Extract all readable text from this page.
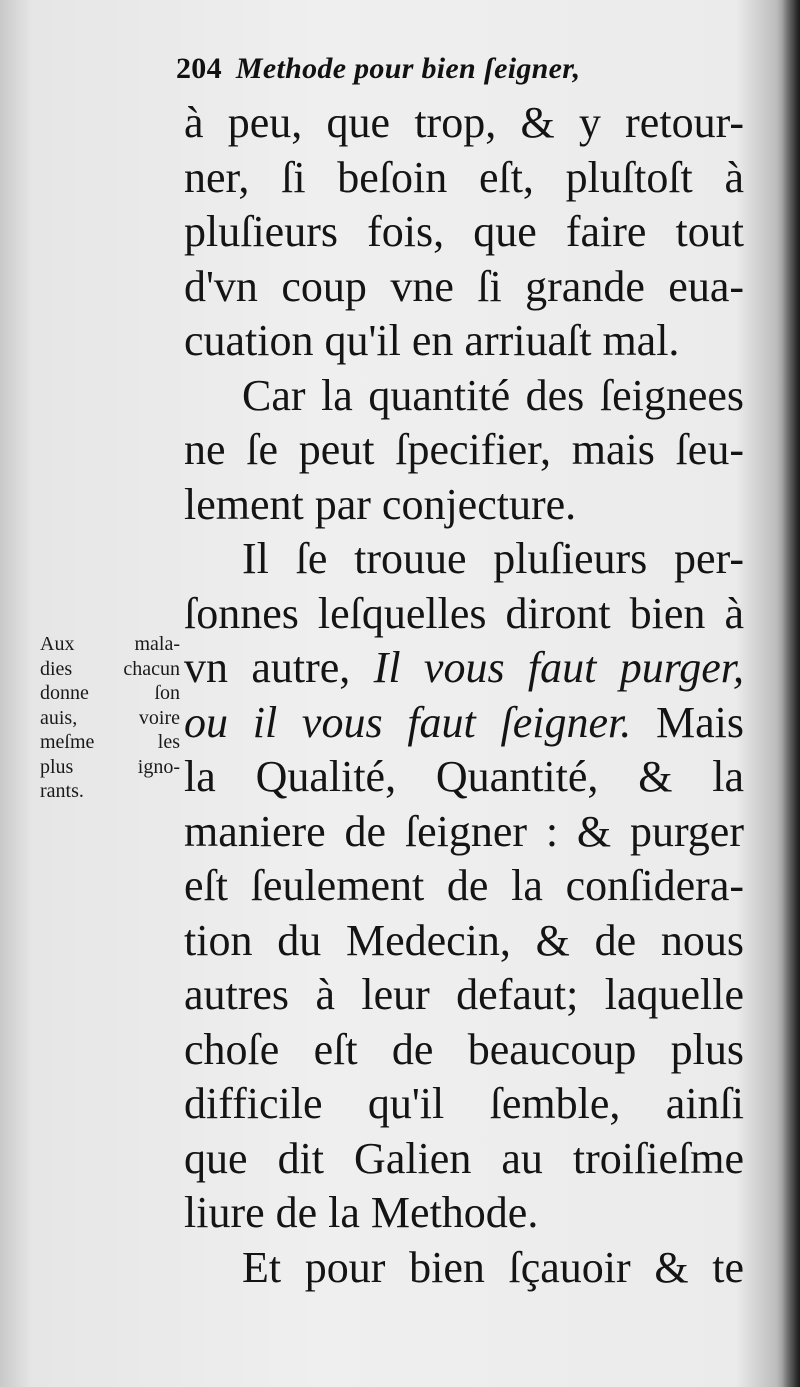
204 Methode pour bien ſeigner,
Aux mala-
dies chacun
donne ſon
auis, voire
meſme les
plus igno-
rants.
à peu, que trop, & y retour-
ner, ſi beſoin eſt, pluſtoſt à
pluſieurs fois, que faire tout
d'vn coup vne ſi grande eua-
cuation qu'il en arriuaſt mal.
Car la quantité des ſeignees
ne ſe peut ſpecifier, mais ſeu-
lement par conjecture.
Il ſe trouue pluſieurs per-
ſonnes leſquelles diront bien à
vn autre, Il vous faut purger,
ou il vous faut ſeigner. Mais
la Qualité, Quantité, & la
maniere de ſeigner : & purger
eſt ſeulement de la conſidera-
tion du Medecin, & de nous
autres à leur defaut; laquelle
choſe eſt de beaucoup plus
difficile qu'il ſemble, ainſi
que dit Galien au troiſieſme
liure de la Methode.
Et pour bien ſçauoir & te
